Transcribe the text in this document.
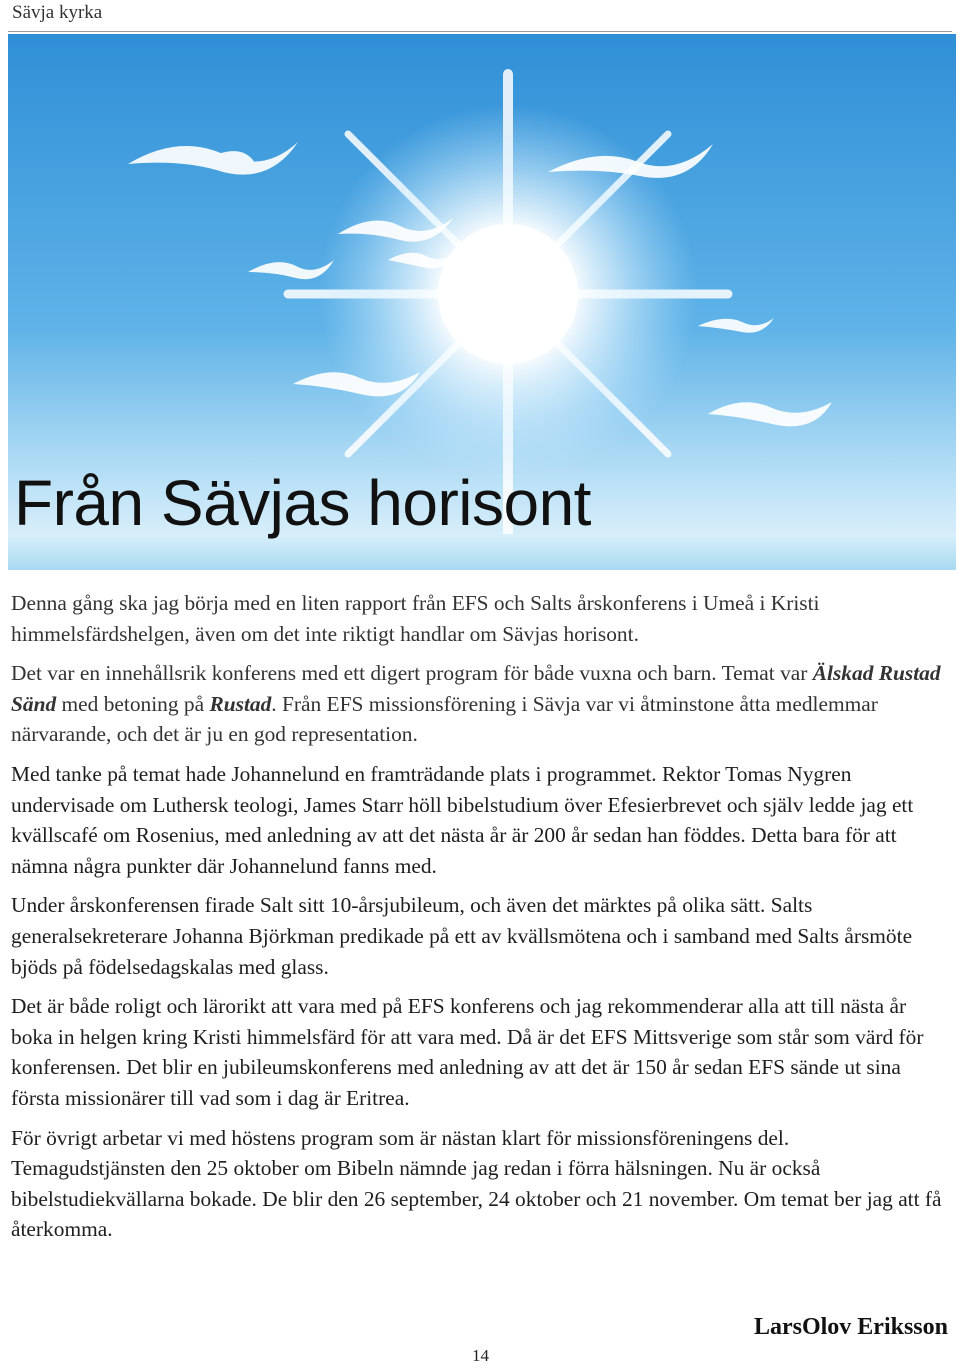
Sävja kyrka
Från Sävjas horisont

Denna gång ska jag börja med en liten rapport från EFS och Salts årskonferens i Umeå i Kristi himmelsfärdshelgen, även om det inte riktigt handlar om Sävjas horisont.

Det var en innehållsrik konferens med ett digert program för både vuxna och barn. Temat var Älskad Rustad Sänd med betoning på Rustad. Från EFS missionsförening i Sävja var vi åtminstone åtta medlemmar närvarande, och det är ju en god representation.

Med tanke på temat hade Johannelund en framträdande plats i programmet. Rektor Tomas Nygren undervisade om Luthersk teologi, James Starr höll bibelstudium över Efesierbrevet och själv ledde jag ett kvällscafé om Rosenius, med anledning av att det nästa år är 200 år sedan han föddes. Detta bara för att nämna några punkter där Johannelund fanns med.

Under årskonferensen firade Salt sitt 10-årsjubileum, och även det märktes på olika sätt. Salts generalsekreterare Johanna Björkman predikade på ett av kvällsmötena och i samband med Salts årsmöte bjöds på födelsedagskalas med glass.

Det är både roligt och lärorikt att vara med på EFS konferens och jag rekommenderar alla att till nästa år boka in helgen kring Kristi himmelsfärd för att vara med. Då är det EFS Mittsverige som står som värd för konferensen. Det blir en jubileumskonferens med anledning av att det är 150 år sedan EFS sände ut sina första missionärer till vad som i dag är Eritrea.

För övrigt arbetar vi med höstens program som är nästan klart för missionsföreningens del. Temagudstjänsten den 25 oktober om Bibeln nämnde jag redan i förra hälsningen. Nu är också bibelstudiekvällarna bokade. De blir den 26 september, 24 oktober och 21 november. Om temat ber jag att få återkomma.

LarsOlov Eriksson
14
